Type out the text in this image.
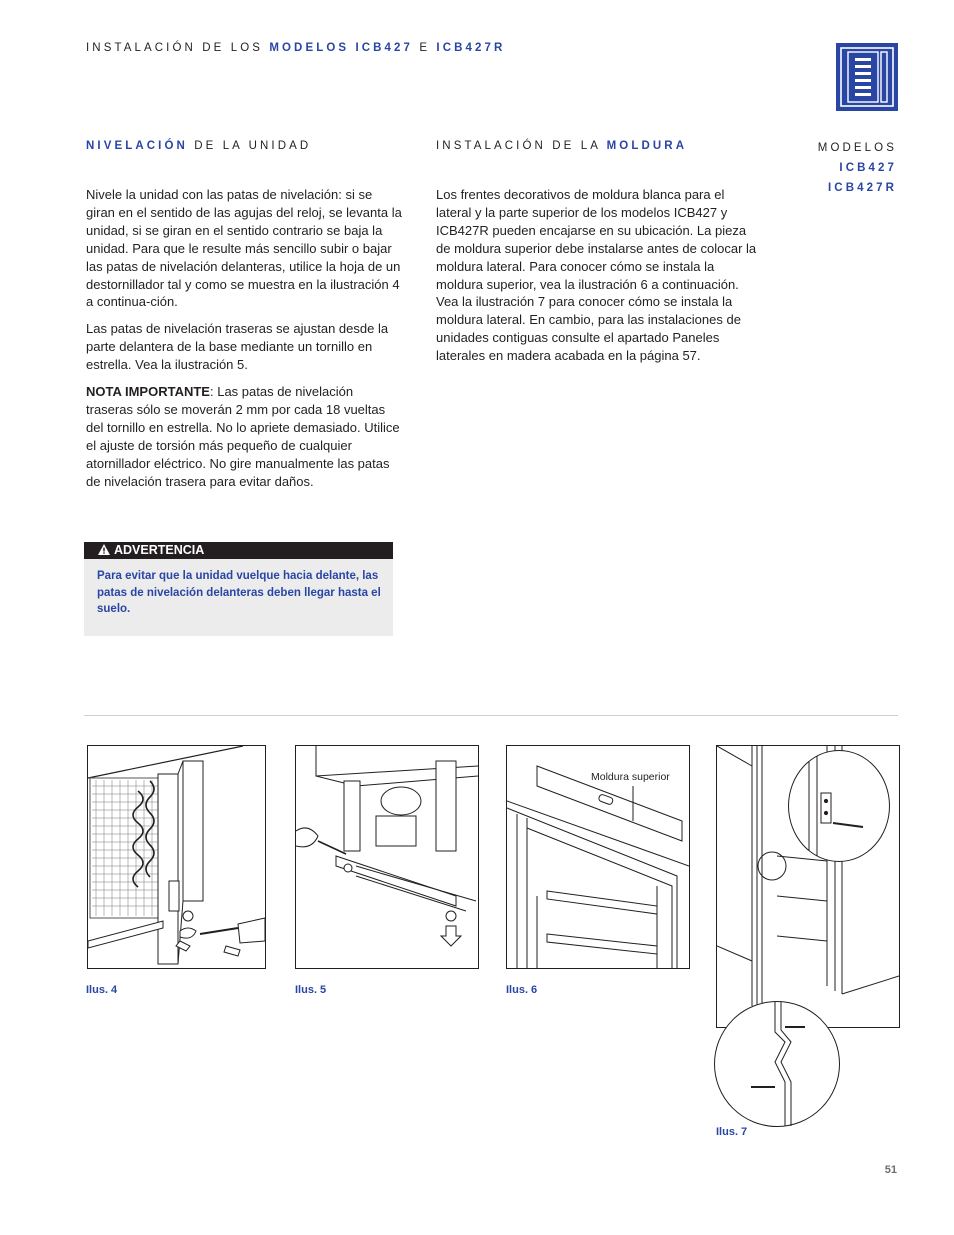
INSTALACIÓN DE LOS MODELOS ICB427 E ICB427R
NIVELACIÓN DE LA UNIDAD

Nivele la unidad con las patas de nivelación: si se giran en el sentido de las agujas del reloj, se levanta la unidad, si se giran en el sentido contrario se baja la unidad. Para que le resulte más sencillo subir o bajar las patas de nivelación delanteras, utilice la hoja de un destornillador tal y como se muestra en la ilustración 4 a continua-ción.

Las patas de nivelación traseras se ajustan desde la parte delantera de la base mediante un tornillo en estrella. Vea la ilustración 5.

NOTA IMPORTANTE: Las patas de nivelación traseras sólo se moverán 2 mm por cada 18 vueltas del tornillo en estrella. No lo apriete demasiado. Utilice el ajuste de torsión más pequeño de cualquier atornillador eléctrico. No gire manualmente las patas de nivelación trasera para evitar daños.

ADVERTENCIA
Para evitar que la unidad vuelque hacia delante, las patas de nivelación delanteras deben llegar hasta el suelo.
INSTALACIÓN DE LA MOLDURA

Los frentes decorativos de moldura blanca para el lateral y la parte superior de los modelos ICB427 y ICB427R pueden encajarse en su ubicación. La pieza de moldura superior debe instalarse antes de colocar la moldura lateral. Para conocer cómo se instala la moldura superior, vea la ilustración 6 a continuación. Vea la ilustración 7 para conocer cómo se instala la moldura lateral. En cambio, para las instalaciones de unidades contiguas consulte el apartado Paneles laterales en madera acabada en la página 57.

MODELOS
ICB427
ICB427R
Ilus. 4	Ilus. 5
Moldura superior
Ilus. 6
Ilus. 7
51
